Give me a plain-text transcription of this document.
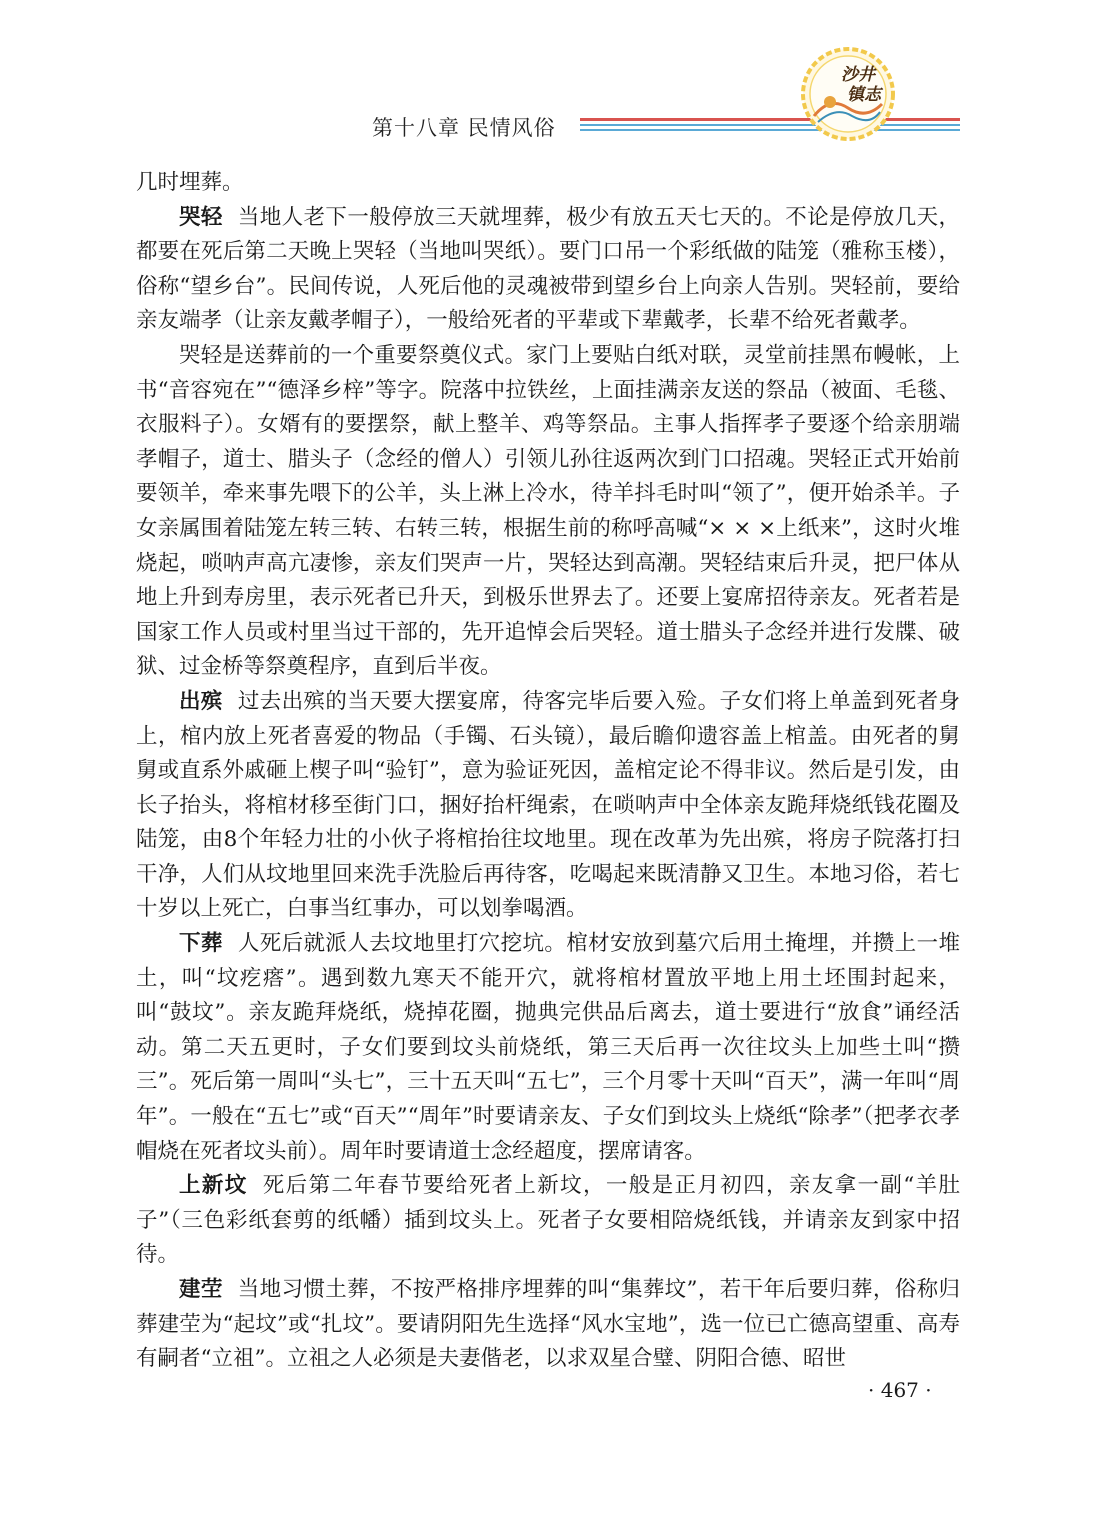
第十八章 民情风俗
沙井
镇志

几时埋葬。

哭轻 当地人老下一般停放三天就埋葬，极少有放五天七天的。不论是停放几天，都要在死后第二天晚上哭轻（当地叫哭纸）。要门口吊一个彩纸做的陆笼（雅称玉楼），俗称“望乡台”。民间传说，人死后他的灵魂被带到望乡台上向亲人告别。哭轻前，要给亲友端孝（让亲友戴孝帽子），一般给死者的平辈或下辈戴孝，长辈不给死者戴孝。

哭轻是送葬前的一个重要祭奠仪式。家门上要贴白纸对联，灵堂前挂黑布幔帐，上书“音容宛在”“德泽乡梓”等字。院落中拉铁丝，上面挂满亲友送的祭品（被面、毛毯、衣服料子）。女婿有的要摆祭，献上整羊、鸡等祭品。主事人指挥孝子要逐个给亲朋端孝帽子，道士、腊头子（念经的僧人）引领儿孙往返两次到门口招魂。哭轻正式开始前要领羊，牵来事先喂下的公羊，头上淋上冷水，待羊抖毛时叫“领了”，便开始杀羊。子女亲属围着陆笼左转三转、右转三转，根据生前的称呼高喊“× × ×上纸来”，这时火堆烧起，唢呐声高亢凄惨，亲友们哭声一片，哭轻达到高潮。哭轻结束后升灵，把尸体从地上升到寿房里，表示死者已升天，到极乐世界去了。还要上宴席招待亲友。死者若是国家工作人员或村里当过干部的，先开追悼会后哭轻。道士腊头子念经并进行发牒、破狱、过金桥等祭奠程序，直到后半夜。

出殡 过去出殡的当天要大摆宴席，待客完毕后要入殓。子女们将上单盖到死者身上，棺内放上死者喜爱的物品（手镯、石头镜），最后瞻仰遗容盖上棺盖。由死者的舅舅或直系外戚砸上楔子叫“验钉”，意为验证死因，盖棺定论不得非议。然后是引发，由长子抬头，将棺材移至街门口，捆好抬杆绳索，在唢呐声中全体亲友跪拜烧纸钱花圈及陆笼，由8个年轻力壮的小伙子将棺抬往坟地里。现在改革为先出殡，将房子院落打扫干净，人们从坟地里回来洗手洗脸后再待客，吃喝起来既清静又卫生。本地习俗，若七十岁以上死亡，白事当红事办，可以划拳喝酒。

下葬 人死后就派人去坟地里打穴挖坑。棺材安放到墓穴后用土掩埋，并攒上一堆土，叫“坟疙瘩”。遇到数九寒天不能开穴，就将棺材置放平地上用土坯围封起来，叫“鼓坟”。亲友跪拜烧纸，烧掉花圈，抛典完供品后离去，道士要进行“放食”诵经活动。第二天五更时，子女们要到坟头前烧纸，第三天后再一次往坟头上加些土叫“攒三”。死后第一周叫“头七”，三十五天叫“五七”，三个月零十天叫“百天”，满一年叫“周年”。一般在“五七”或“百天”“周年”时要请亲友、子女们到坟头上烧纸“除孝”（把孝衣孝帽烧在死者坟头前）。周年时要请道士念经超度，摆席请客。

上新坟 死后第二年春节要给死者上新坟，一般是正月初四，亲友拿一副“羊肚子”（三色彩纸套剪的纸幡）插到坟头上。死者子女要相陪烧纸钱，并请亲友到家中招待。

建茔 当地习惯土葬，不按严格排序埋葬的叫“集葬坟”，若干年后要归葬，俗称归葬建茔为“起坟”或“扎坟”。要请阴阳先生选择“风水宝地”，选一位已亡德高望重、高寿有嗣者“立祖”。立祖之人必须是夫妻偕老，以求双星合璧、阴阳合德、昭世

· 467 ·
